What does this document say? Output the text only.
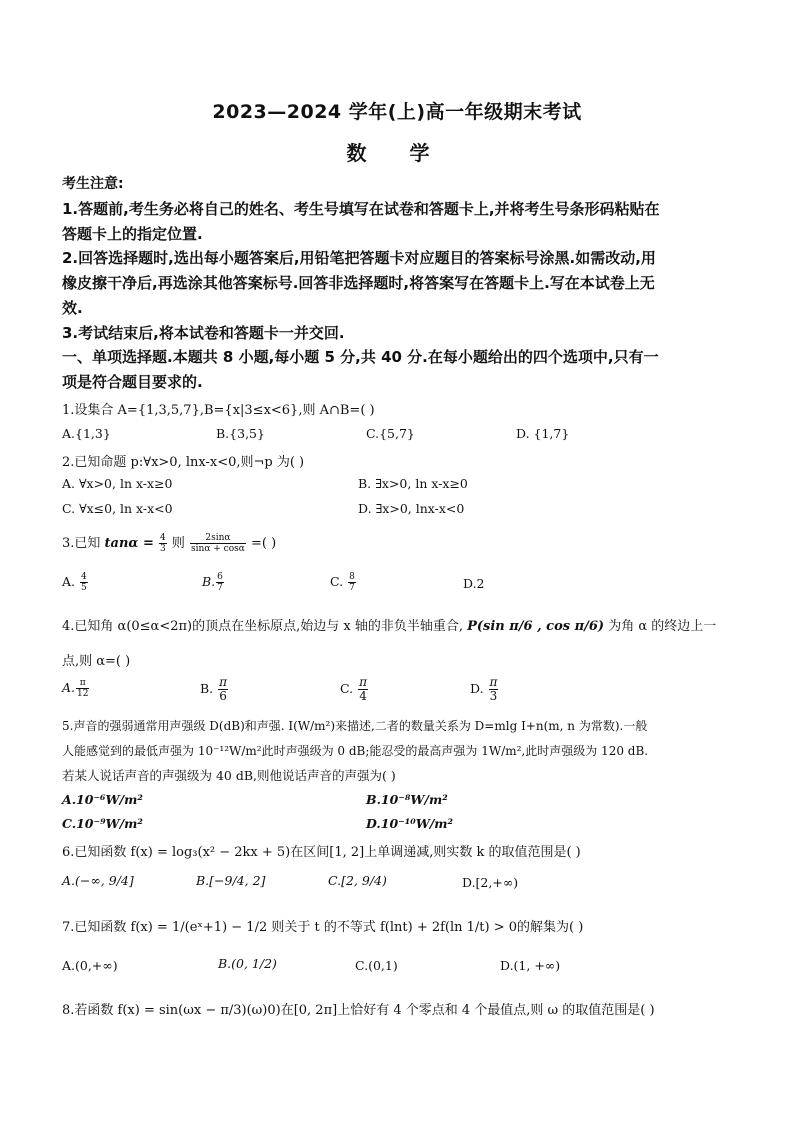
2023—2024 学年(上)高一年级期末考试
数 学
考生注意:
1.答题前,考生务必将自己的姓名、考生号填写在试卷和答题卡上,并将考生号条形码粘贴在
答题卡上的指定位置.
2.回答选择题时,选出每小题答案后,用铅笔把答题卡对应题目的答案标号涂黑.如需改动,用
橡皮擦干净后,再选涂其他答案标号.回答非选择题时,将答案写在答题卡上.写在本试卷上无
效.
3.考试结束后,将本试卷和答题卡一并交回.
一、单项选择题.本题共 8 小题,每小题 5 分,共 40 分.在每小题给出的四个选项中,只有一
项是符合题目要求的.
1.设集合 A={1,3,5,7},B={x|3≤x<6},则 A∩B=( )
A.{1,3}	B.{3,5}	C.{5,7}	D. {1,7}
2.已知命题 p:∀x>0, lnx-x<0,则¬p 为( )
A. ∀x>0, ln x-x≥0	B. ∃x>0, ln x-x≥0
C. ∀x≤0, ln x-x<0	D. ∃x>0, lnx-x<0
3.已知 $\tan\alpha = \frac{4}{3}$ 则 $\frac{2\sin\alpha}{\sin\alpha + \cos\alpha}$ =( )
A. $\frac{4}{5}$	B. $\frac{6}{7}$	C. $\frac{8}{7}$	D.2
4.已知角 α(0≤α<2π)的顶点在坐标原点,始边与 x 轴的非负半轴重合, P(sin π/6 , cos π/6) 为角 α 的终边上一
点,则 α=( )
A. $\frac{\pi}{12}$	B. $\frac{\pi}{6}$	C. $\frac{\pi}{4}$	D. $\frac{\pi}{3}$
5.声音的强弱通常用声强级 D(dB)和声强. I(W/m²)来描述,二者的数量关系为 D=mlg I+n(m, n 为常数).一般
人能感觉到的最低声强为 10⁻¹²W/m²此时声强级为 0 dB;能忍受的最高声强为 1W/m²,此时声强级为 120 dB.
若某人说话声音的声强级为 40 dB,则他说话声音的声强为( )
A.10⁻⁶W/m²	B.10⁻⁸W/m²
C.10⁻⁹W/m²	D.10⁻¹⁰W/m²
6.已知函数 f(x) = log₃(x² − 2kx + 5)在区间[1, 2]上单调递减,则实数 k 的取值范围是( )
A.(−∞, 9/4]	B.[−9/4, 2]	C.[2, 9/4)	D.[2,+∞)
7.已知函数 f(x) = 1/(eˣ+1) − 1/2 则关于 t 的不等式 f(lnt) + 2f(ln 1/t) > 0的解集为( )
A.(0,+∞)	B.(0, 1/2)	C.(0,1)	D.(1, +∞)
8.若函数 f(x) = sin(ωx − π/3)(ω)0)在[0, 2π]上恰好有 4 个零点和 4 个最值点,则 ω 的取值范围是( )
